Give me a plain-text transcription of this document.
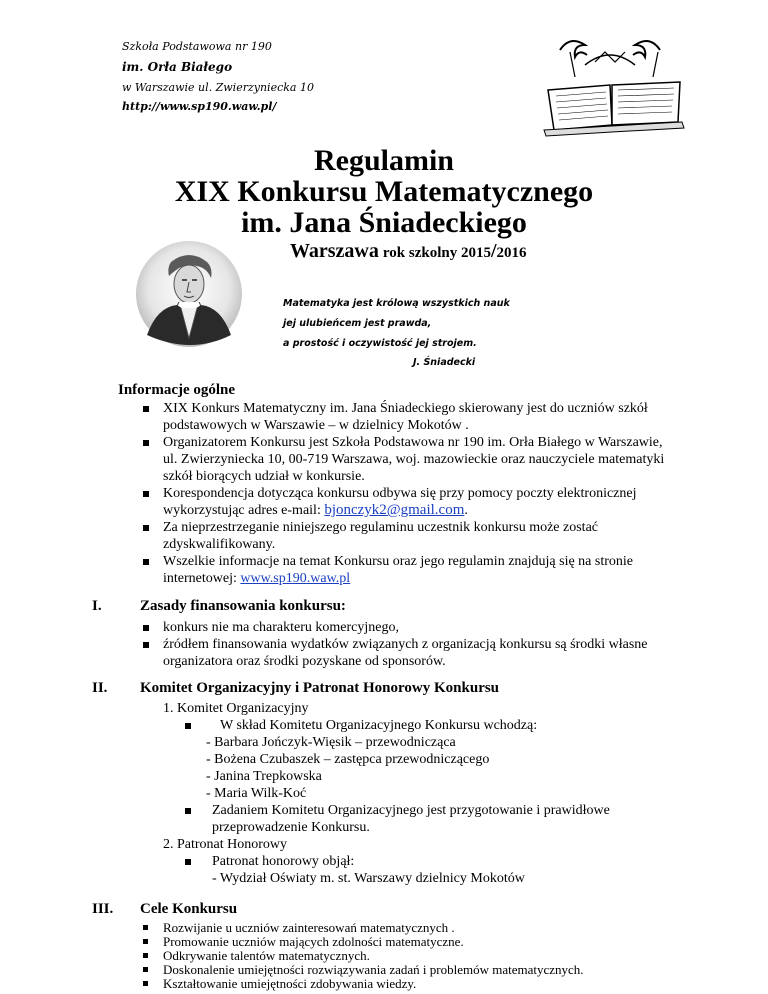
Szkoła Podstawowa nr 190
im. Orła Białego
w Warszawie ul. Zwierzyniecka 10
http://www.sp190.waw.pl/
Regulamin
XIX Konkursu Matematycznego
im. Jana Śniadeckiego
Warszawa rok szkolny 2015/2016
Matematyka jest królową wszystkich nauk
jej ulubieńcem jest prawda,
a prostość i oczywistość jej strojem.
J. Śniadecki
Informacje ogólne
XIX Konkurs Matematyczny im. Jana Śniadeckiego skierowany jest do uczniów szkół
podstawowych w Warszawie – w dzielnicy Mokotów .
Organizatorem Konkursu jest Szkoła Podstawowa nr 190 im. Orła Białego w Warszawie,
ul. Zwierzyniecka 10, 00-719 Warszawa, woj. mazowieckie oraz nauczyciele matematyki
szkół biorących udział w konkursie.
Korespondencja dotycząca konkursu odbywa się przy pomocy poczty elektronicznej
wykorzystując adres e-mail: bjonczyk2@gmail.com.
Za nieprzestrzeganie niniejszego regulaminu uczestnik konkursu może zostać
zdyskwalifikowany.
Wszelkie informacje na temat Konkursu oraz jego regulamin znajdują się na stronie
internetowej: www.sp190.waw.pl
I.	Zasady finansowania konkursu:
konkurs nie ma charakteru komercyjnego,
źródłem finansowania wydatków związanych z organizacją konkursu są środki własne
organizatora oraz środki pozyskane od sponsorów.
II. Komitet Organizacyjny i Patronat Honorowy Konkursu
1. Komitet Organizacyjny
W skład Komitetu Organizacyjnego Konkursu wchodzą:
- Barbara Jończyk-Więsik – przewodnicząca
- Bożena Czubaszek – zastępca przewodniczącego
- Janina Trepkowska
- Maria Wilk-Koć
Zadaniem Komitetu Organizacyjnego jest przygotowanie i prawidłowe
przeprowadzenie Konkursu.
2. Patronat Honorowy
Patronat honorowy objął:
- Wydział Oświaty m. st. Warszawy dzielnicy Mokotów
III. Cele Konkursu
Rozwijanie u uczniów zainteresowań matematycznych .
Promowanie uczniów mających zdolności matematyczne.
Odkrywanie talentów matematycznych.
Doskonalenie umiejętności rozwiązywania zadań i problemów matematycznych.
Kształtowanie umiejętności zdobywania wiedzy.
